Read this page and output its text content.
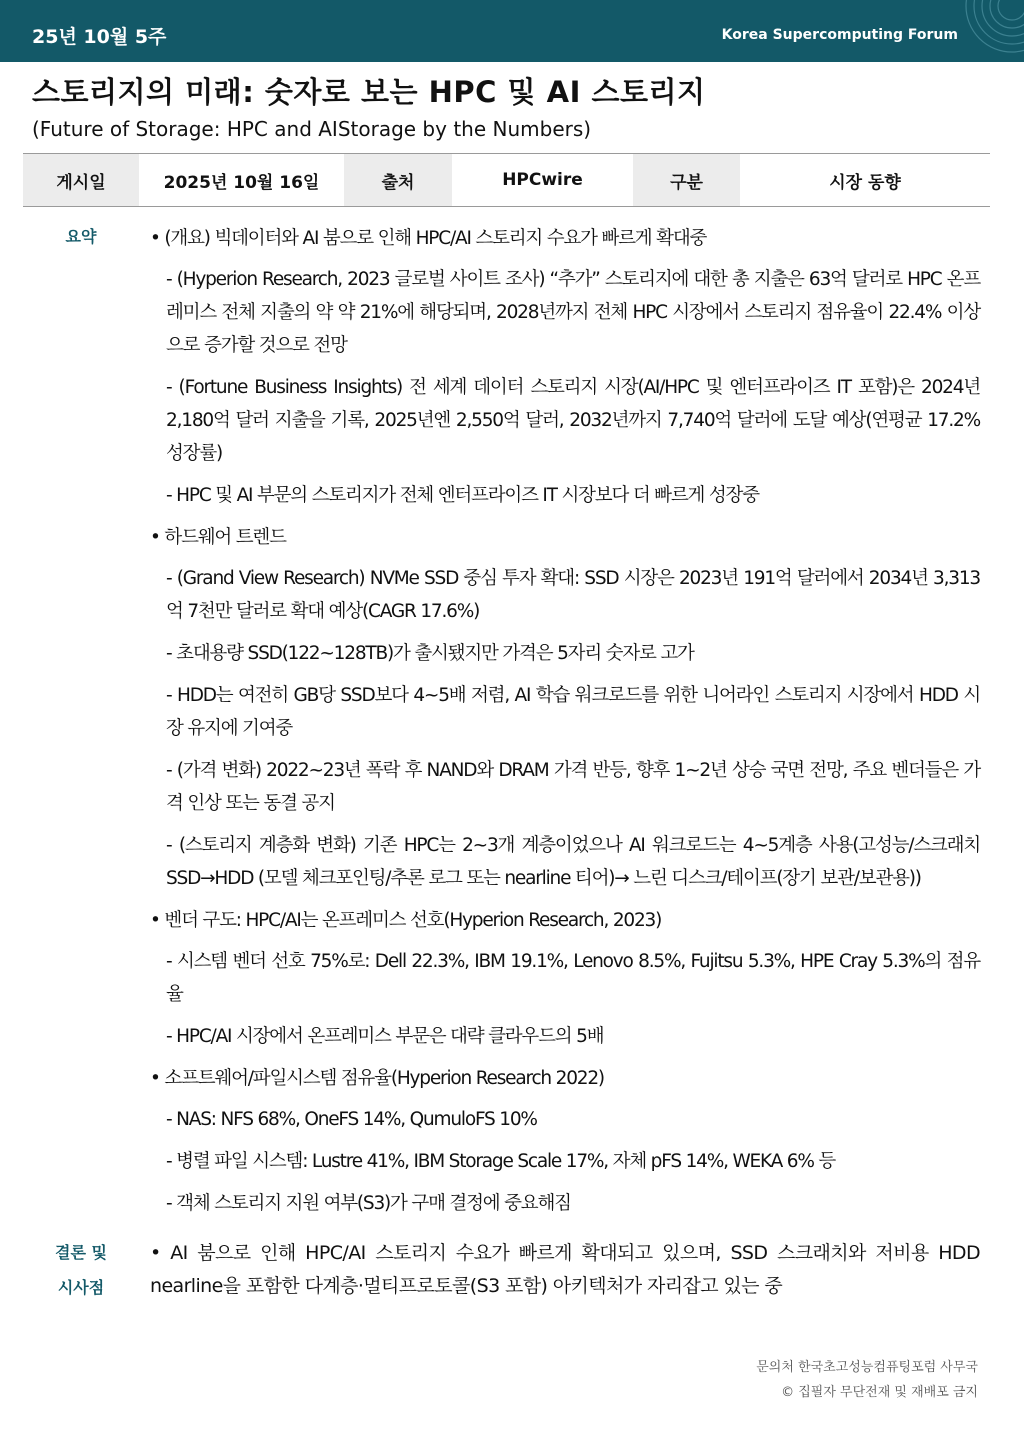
25년 10월 5주	Korea Supercomputing Forum
스토리지의 미래: 숫자로 보는 HPC 및 AI 스토리지
(Future of Storage: HPC and AIStorage by the Numbers)
게시일	2025년 10월 16일	출처	HPCwire	구분	시장 동향
요약	• (개요) 빅데이터와 AI 붐으로 인해 HPC/AI 스토리지 수요가 빠르게 확대중
- (Hyperion Research, 2023 글로벌 사이트 조사) “추가” 스토리지에 대한 총 지출은 63억 달러로 HPC 온프레미스 전체 지출의 약 약 21%에 해당되며, 2028년까지 전체 HPC 시장에서 스토리지 점유율이 22.4% 이상으로 증가할 것으로 전망
- (Fortune Business Insights) 전 세계 데이터 스토리지 시장(AI/HPC 및 엔터프라이즈 IT 포함)은 2024년 2,180억 달러 지출을 기록, 2025년엔 2,550억 달러, 2032년까지 7,740억 달러에 도달 예상(연평균 17.2% 성장률)
- HPC 및 AI 부문의 스토리지가 전체 엔터프라이즈 IT 시장보다 더 빠르게 성장중
• 하드웨어 트렌드
- (Grand View Research) NVMe SSD 중심 투자 확대: SSD 시장은 2023년 191억 달러에서 2034년 3,313억 7천만 달러로 확대 예상(CAGR 17.6%)
- 초대용량 SSD(122~128TB)가 출시됐지만 가격은 5자리 숫자로 고가
- HDD는 여전히 GB당 SSD보다 4~5배 저렴, AI 학습 워크로드를 위한 니어라인 스토리지 시장에서 HDD 시장 유지에 기여중
- (가격 변화) 2022~23년 폭락 후 NAND와 DRAM 가격 반등, 향후 1~2년 상승 국면 전망, 주요 벤더들은 가격 인상 또는 동결 공지
- (스토리지 계층화 변화) 기존 HPC는 2~3개 계층이었으나 AI 워크로드는 4~5계층 사용(고성능/스크래치 SSD→HDD (모델 체크포인팅/추론 로그 또는 nearline 티어)→ 느린 디스크/테이프(장기 보관/보관용))
• 벤더 구도: HPC/AI는 온프레미스 선호(Hyperion Research, 2023)
- 시스템 벤더 선호 75%로: Dell 22.3%, IBM 19.1%, Lenovo 8.5%, Fujitsu 5.3%, HPE Cray 5.3%의 점유율
- HPC/AI 시장에서 온프레미스 부문은 대략 클라우드의 5배
• 소프트웨어/파일시스템 점유율(Hyperion Research 2022)
- NAS: NFS 68%, OneFS 14%, QumuloFS 10%
- 병렬 파일 시스템: Lustre 41%, IBM Storage Scale 17%, 자체 pFS 14%, WEKA 6% 등
- 객체 스토리지 지원 여부(S3)가 구매 결정에 중요해짐
결론 및
시사점
• AI 붐으로 인해 HPC/AI 스토리지 수요가 빠르게 확대되고 있으며, SSD 스크래치와 저비용 HDD nearline을 포함한 다계층·멀티프로토콜(S3 포함) 아키텍처가 자리잡고 있는 중
문의처 한국초고성능컴퓨팅포럼 사무국
© 집필자 무단전재 및 재배포 금지
